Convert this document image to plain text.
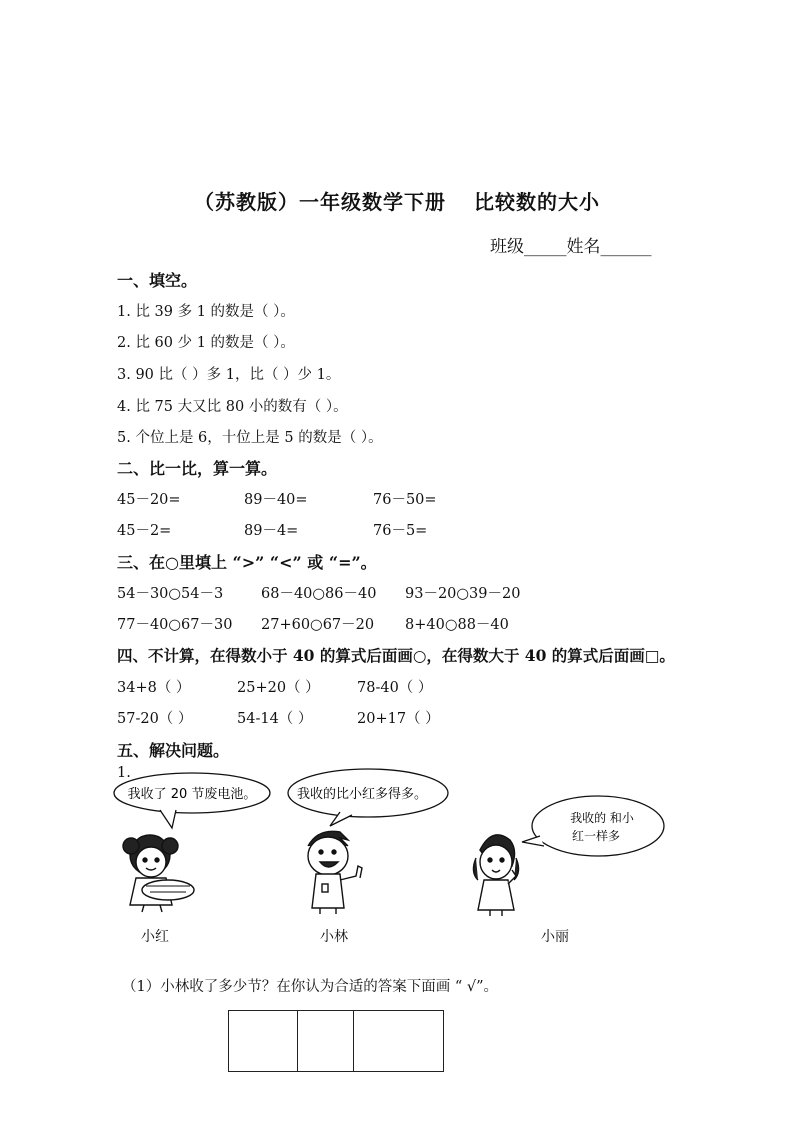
（苏教版）一年级数学下册 比较数的大小
班级_____姓名______
一、填空。
1. 比 39 多 1 的数是（ ）。
2. 比 60 少 1 的数是（ ）。
3. 90 比（ ）多 1，比（ ）少 1。
4. 比 75 大又比 80 小的数有（ ）。
5. 个位上是 6，十位上是 5 的数是（ ）。
二、比一比，算一算。
45－20=	89－40=	76－50=
45－2=	89－4=	76－5=
三、在○里填上 “>” “<” 或 “=”。
54－30○54－3	68－40○86－40 93－20○39－20
77－40○67－30 27+60○67－20 8+40○88－40
四、不计算，在得数小于 40 的算式后面画○，在得数大于 40 的算式后面画□。
34+8（ ）	25+20（ ）	78-40（ ）
57-20（ ）	54-14（ ）	20+17（ ）
五、解决问题。
1.
我收了 20 节废电池。	我收的比小红多得多。
我收的 和小
红一样多
小红	小林	小丽
（1）小林收了多少节？在你认为合适的答案下面画 “ √”。
